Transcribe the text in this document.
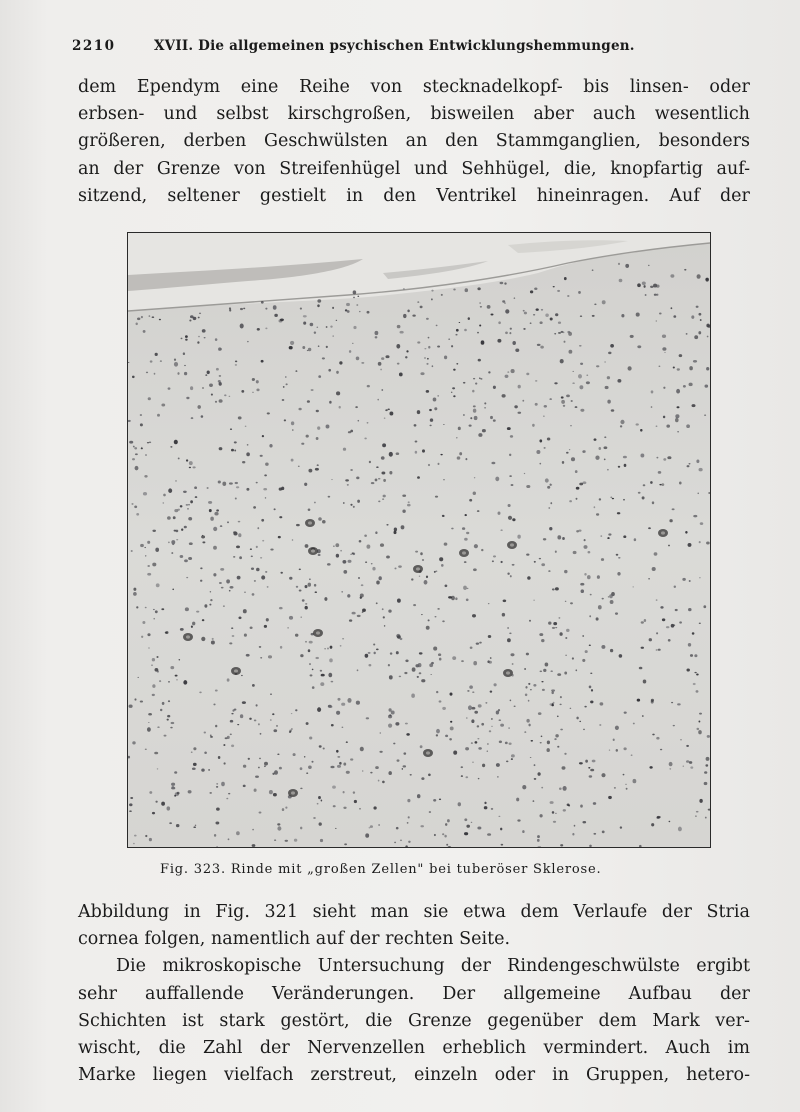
2210	XVII. Die allgemeinen psychischen Entwicklungshemmungen.
dem Ependym eine Reihe von stecknadelkopf- bis linsen- oder
erbsen- und selbst kirschgroßen, bisweilen aber auch wesentlich
größeren, derben Geschwülsten an den Stammganglien, besonders
an der Grenze von Streifenhügel und Sehhügel, die, knopfartig auf-
sitzend, seltener gestielt in den Ventrikel hineinragen. Auf der
Fig. 323. Rinde mit „großen Zellen" bei tuberöser Sklerose.
Abbildung in Fig. 321 sieht man sie etwa dem Verlaufe der Stria
cornea folgen, namentlich auf der rechten Seite.
Die mikroskopische Untersuchung der Rindengeschwülste ergibt
sehr auffallende Veränderungen. Der allgemeine Aufbau der
Schichten ist stark gestört, die Grenze gegenüber dem Mark ver-
wischt, die Zahl der Nervenzellen erheblich vermindert. Auch im
Marke liegen vielfach zerstreut, einzeln oder in Gruppen, hetero-
